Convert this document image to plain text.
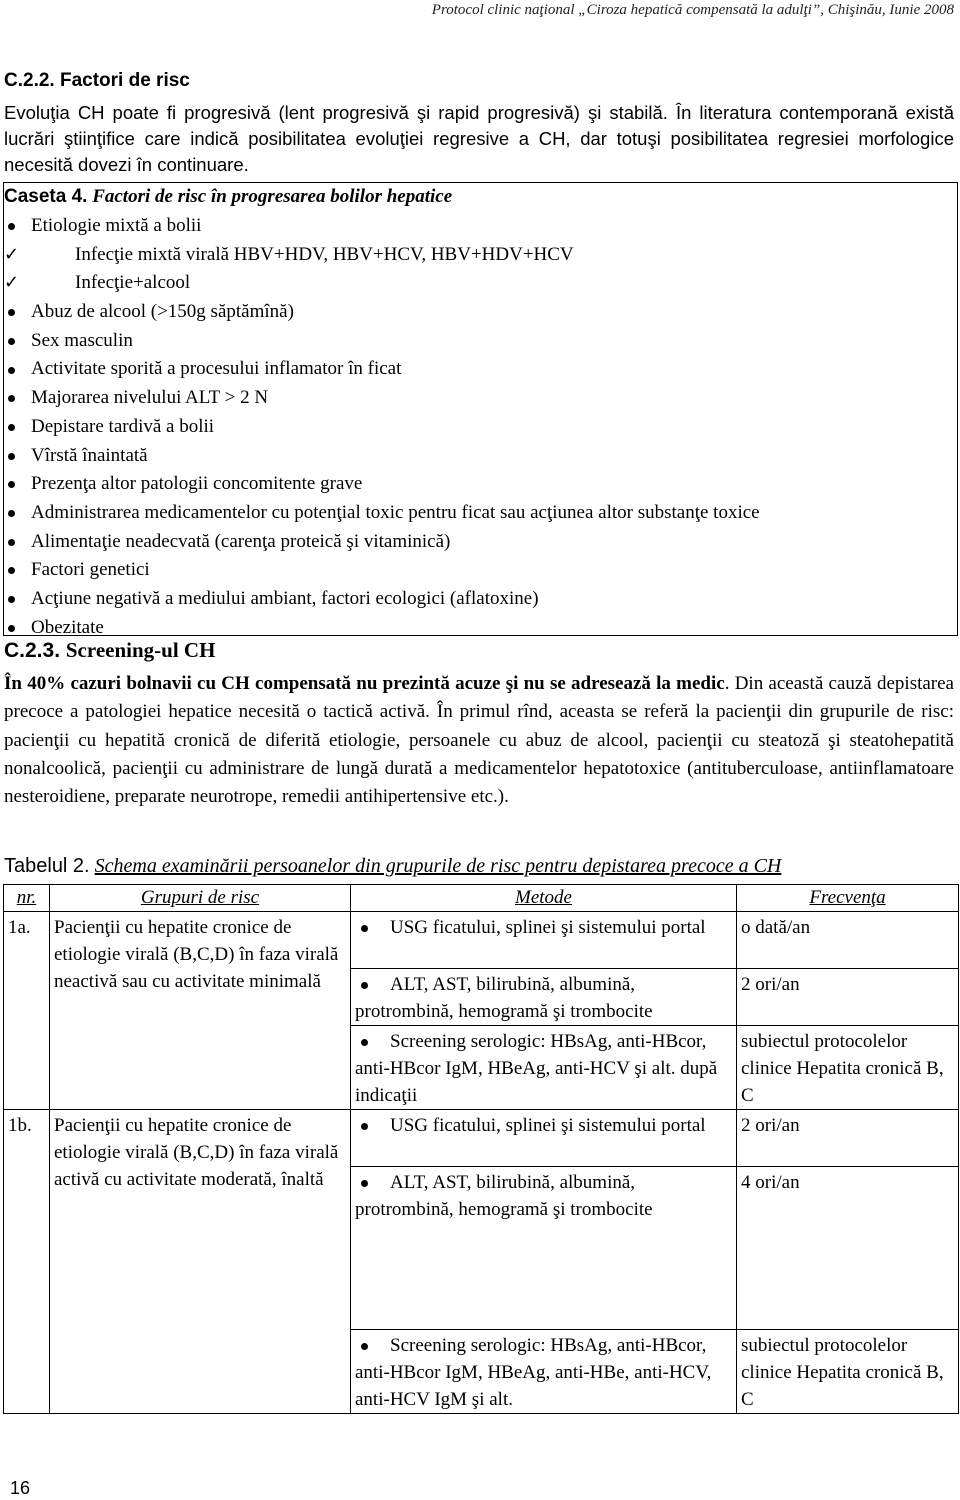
Protocol clinic naţional „Ciroza hepatică compensată la adulţi”, Chişinău, Iunie 2008
C.2.2. Factori de risc
Evoluţia CH poate fi progresivă (lent progresivă şi rapid progresivă) şi stabilă. În literatura contemporană există lucrări ştiinţifice care indică posibilitatea evoluţiei regresive a CH, dar totuşi posibilitatea regresiei morfologice necesită dovezi în continuare.
Caseta 4. Factori de risc în progresarea bolilor hepatice
Etiologie mixtă a bolii
✓	Infecţie mixtă virală HBV+HDV, HBV+HCV, HBV+HDV+HCV
✓	Infecţie+alcool
Abuz de alcool (>150g săptămînă)
Sex masculin
Activitate sporită a procesului inflamator în ficat
Majorarea nivelului ALT > 2 N
Depistare tardivă a bolii
Vîrstă înaintată
Prezenţa altor patologii concomitente grave
Administrarea medicamentelor cu potenţial toxic pentru ficat sau acţiunea altor substanţe toxice
Alimentaţie neadecvată (carenţa proteică şi vitaminică)
Factori genetici
Acţiune negativă a mediului ambiant, factori ecologici (aflatoxine)
Obezitate
C.2.3. Screening-ul CH
În 40% cazuri bolnavii cu CH compensată nu prezintă acuze şi nu se adresează la medic. Din această cauză depistarea precoce a patologiei hepatice necesită o tactică activă. În primul rînd, aceasta se referă la pacienţii din grupurile de risc: pacienţii cu hepatită cronică de diferită etiologie, persoanele cu abuz de alcool, pacienţii cu steatoză şi steatohepatită nonalcoolică, pacienţii cu administrare de lungă durată a medicamentelor hepatotoxice (antituberculoase, antiinflamatoare nesteroidiene, preparate neurotrope, remedii antihipertensive etc.).
Tabelul 2. Schema examinării persoanelor din grupurile de risc pentru depistarea precoce a CH
nr.	Grupuri de risc	Metode	Frecvenţa
1a.	Pacienţii cu hepatite cronice de etiologie virală (B,C,D) în faza virală neactivă sau cu activitate minimală	USG ficatului, splinei şi sistemului portal	o dată/an

		ALT, AST, bilirubină, albumină, protrombină, hemogramă şi trombocite	2 ori/an

		Screening serologic: HBsAg, anti-HBcor, anti-HBcor IgM, HBeAg, anti-HCV şi alt. după indicaţii	subiectul protocolelor clinice Hepatita cronică B, C
1b.	Pacienţii cu hepatite cronice de etiologie virală (B,C,D) în faza virală activă cu activitate moderată, înaltă	USG ficatului, splinei şi sistemului portal	2 ori/an

		ALT, AST, bilirubină, albumină, protrombină, hemogramă şi trombocite	4 ori/an

		Screening serologic: HBsAg, anti-HBcor, anti-HBcor IgM, HBeAg, anti-HBe, anti-HCV, anti-HCV IgM şi alt.	subiectul protocolelor clinice Hepatita cronică B, C
16
